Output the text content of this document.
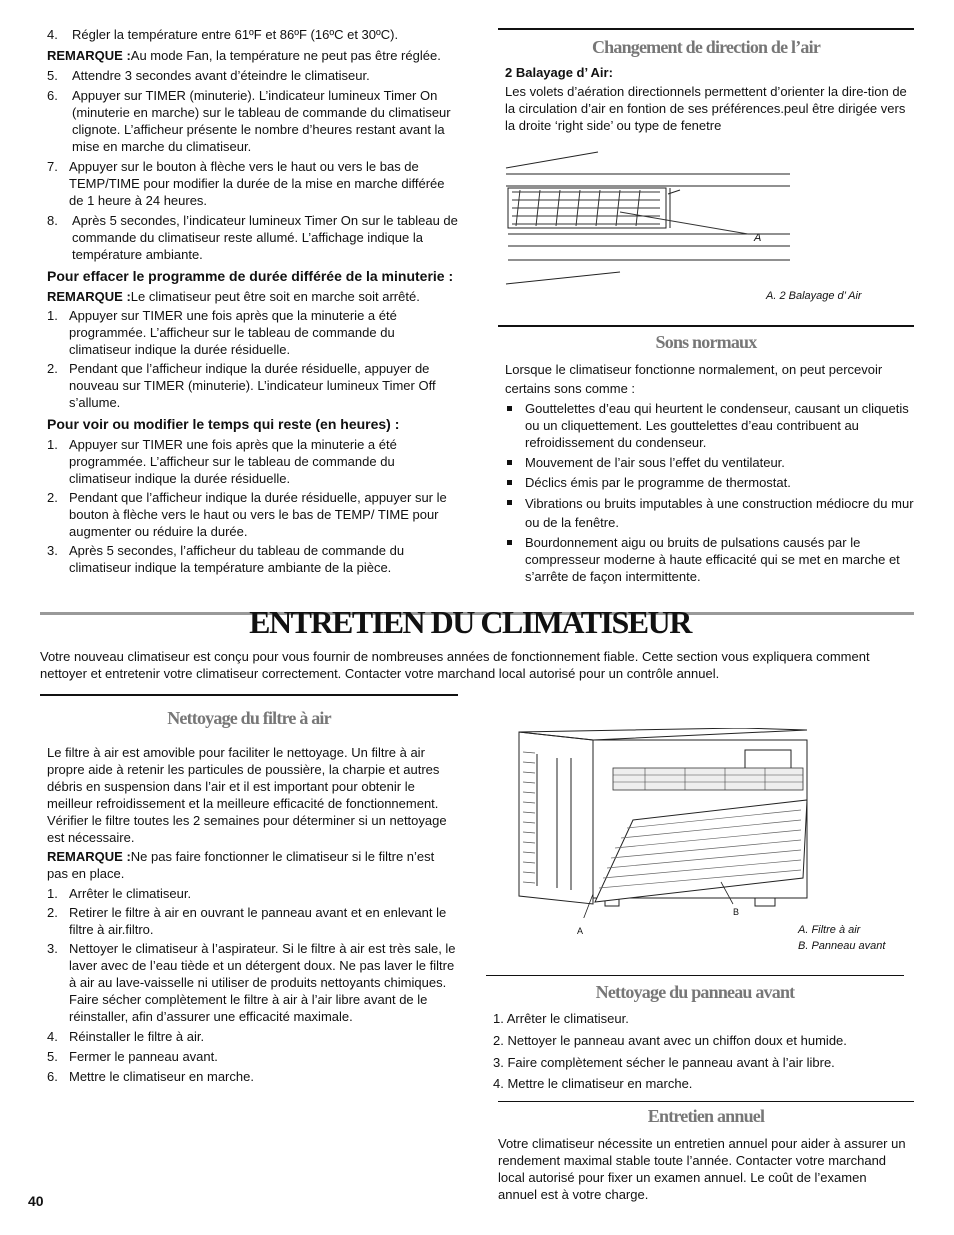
4. Régler la température entre 61ºF et 86ºF (16ºC et 30ºC).

REMARQUE :Au mode Fan, la température ne peut pas être réglée.

5. Attendre 3 secondes avant d’éteindre le climatiseur.
6. Appuyer sur TIMER (minuterie). L’indicateur lumineux Timer On (minuterie en marche) sur le tableau de commande du climatiseur clignote. L’afficheur présente le nombre d’heures restant avant la mise en marche du climatiseur.
7. Appuyer sur le bouton à flèche vers le haut ou vers le bas de TEMP/TIME pour modifier la durée de la mise en marche différée de 1 heure à 24 heures.
8. Après 5 secondes, l’indicateur lumineux Timer On sur le tableau de commande du climatiseur reste allumé. L’affichage indique la température ambiante.

Pour effacer le programme de durée différée de la minuterie :

REMARQUE :Le climatiseur peut être soit en marche soit arrêté.

1. Appuyer sur TIMER une fois après que la minuterie a été programmée. L’afficheur sur le tableau de commande du climatiseur indique la durée résiduelle.
2. Pendant que l’afficheur indique la durée résiduelle, appuyer de nouveau sur TIMER (minuterie). L’indicateur lumineux Timer Off s’allume.

Pour voir ou modifier le temps qui reste (en heures) :

1. Appuyer sur TIMER une fois après que la minuterie a été programmée. L’afficheur sur le tableau de commande du climatiseur indique la durée résiduelle.
2. Pendant que l’afficheur indique la durée résiduelle, appuyer sur le bouton à flèche vers le haut ou vers le bas de TEMP/ TIME pour augmenter ou réduire la durée.
3. Après 5 secondes, l’afficheur du tableau de commande du climatiseur indique la température ambiante de la pièce.
Changement de direction de l’air

2 Balayage d’ Air:

Les volets d’aération directionnels permettent d’orienter la dire-tion de la circulation d’air en fontion de ses préférences.peul être dirigée vers la droite ‘right side’ ou type de fenetre

A
A. 2 Balayage d’ Air
Sons normaux

Lorsque le climatiseur fonctionne normalement, on peut percevoir certains sons comme :

Gouttelettes d’eau qui heurtent le condenseur, causant un cliquetis ou un cliquettement. Les gouttelettes d’eau contribuent au refroidissement du condenseur.
Mouvement de l’air sous l’effet du ventilateur.
Déclics émis par le programme de thermostat.
Vibrations ou bruits imputables à une construction médiocre du mur ou de la fenêtre.
Bourdonnement aigu ou bruits de pulsations causés par le compresseur moderne à haute efficacité qui se met en marche et s’arrête de façon intermittente.
ENTRETIEN DU CLIMATISEUR
Votre nouveau climatiseur est conçu pour vous fournir de nombreuses années de fonctionnement fiable. Cette section vous expliquera comment nettoyer et entretenir votre climatiseur correctement. Contacter votre marchand local autorisé pour un contrôle annuel.
Nettoyage du filtre à air

Le filtre à air est amovible pour faciliter le nettoyage. Un filtre à air propre aide à retenir les particules de poussière, la charpie et autres débris en suspension dans l’air et il est important pour obtenir le meilleur refroidissement et la meilleure efficacité de fonctionnement. Vérifier le filtre toutes les 2 semaines pour déterminer si un nettoyage est nécessaire.

REMARQUE :Ne pas faire fonctionner le climatiseur si le filtre n’est pas en place.

1. Arrêter le climatiseur.
2. Retirer le filtre à air en ouvrant le panneau avant et en enlevant le filtre à air.filtro.
3. Nettoyer le climatiseur à l’aspirateur. Si le filtre à air est très sale, le laver avec de l’eau tiède et un détergent doux. Ne pas laver le filtre à air au lave-vaisselle ni utiliser de produits nettoyants chimiques. Faire sécher complètement le filtre à air à l’air libre avant de le réinstaller, afin d’assurer une efficacité maximale.
4. Réinstaller le filtre à air.
5. Fermer le panneau avant.
6. Mettre le climatiseur en marche.
A
B
A. Filtre à air
B. Panneau avant
Nettoyage du panneau avant

1. Arrêter le climatiseur.

2. Nettoyer le panneau avant avec un chiffon doux et humide.

3. Faire complètement sécher le panneau avant à l’air libre.

4. Mettre le climatiseur en marche.

Entretien annuel
Votre climatiseur nécessite un entretien annuel pour aider à assurer un rendement maximal stable toute l’année. Contacter votre marchand local autorisé pour fixer un examen annuel. Le coût de l’examen annuel est à votre charge.
40
